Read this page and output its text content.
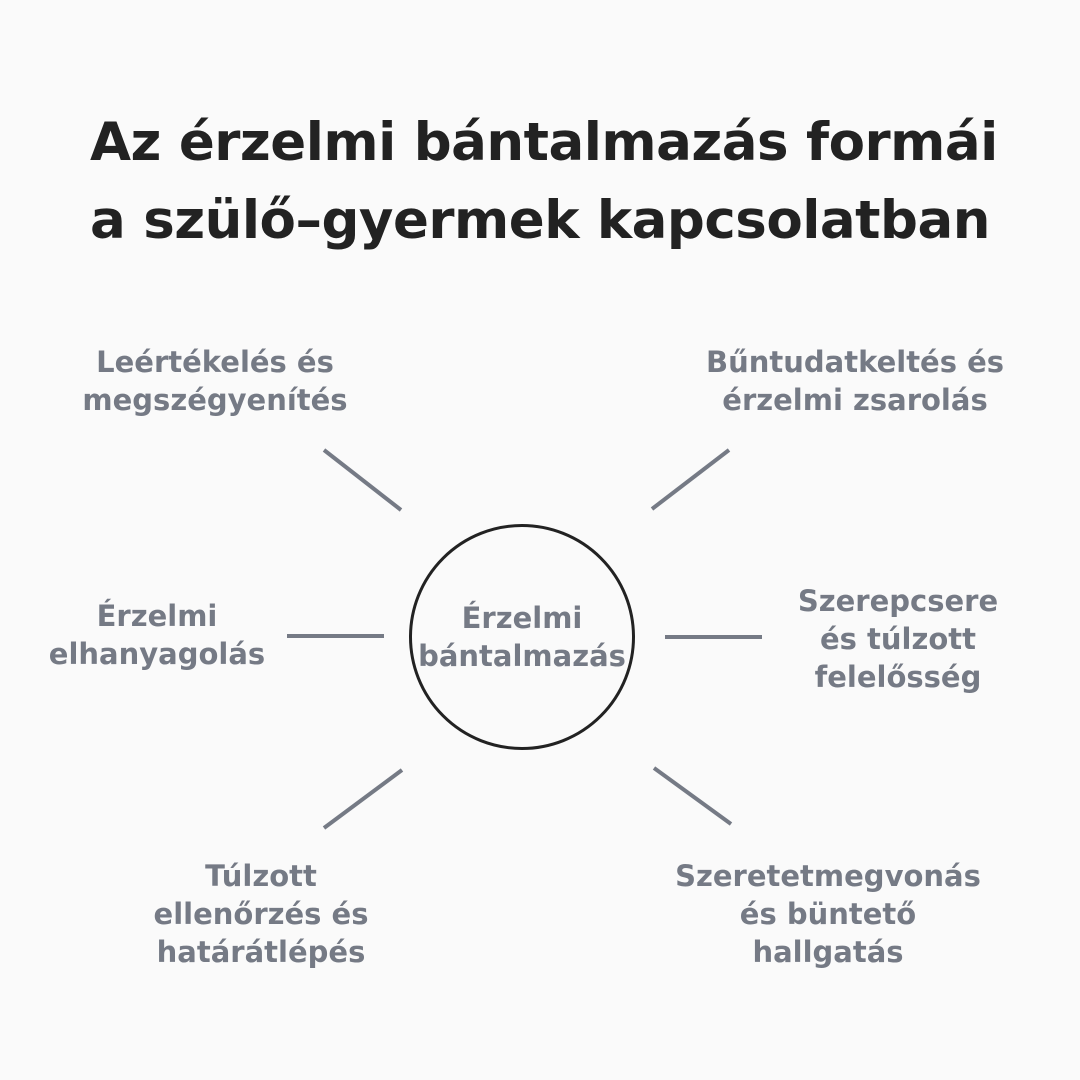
Az érzelmi bántalmazás formái
a szülő–gyermek kapcsolatban
Érzelmi
bántalmazás
Leértékelés és
megszégyenítés
Bűntudatkeltés és
érzelmi zsarolás
Érzelmi
elhanyagolás
Szerepcsere
és túlzott
felelősség
Túlzott
ellenőrzés és
határátlépés
Szeretetmegvonás
és büntető
hallgatás
